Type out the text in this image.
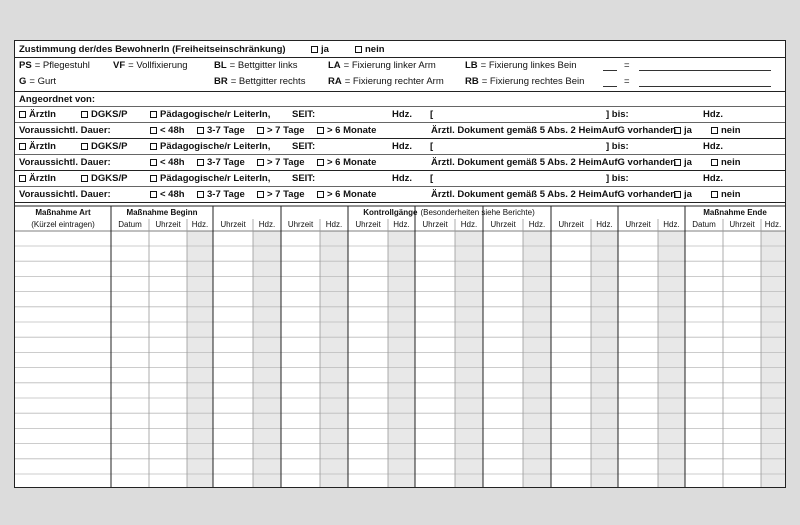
Zustimmung der/des BewohnerIn (Freiheitseinschränkung)	ja	nein
PS = Pflegestuhl VF = Vollfixierung	BL = Bettgitter links	LA = Fixierung linker Arm	LB = Fixierung linkes Bein	=
G = Gurt	BR = Bettgitter rechts RA = Fixierung rechter Arm RB = Fixierung rechtes Bein	=
Angeordnet von:
ÄrztIn	DGKS/P	Pädagogische/r LeiterIn, SEIT:	Hdz. [	] bis:	Hdz.
Voraussichtl. Dauer:	< 48h	3-7 Tage	> 7 Tage	> 6 Monate	Ärztl. Dokument gemäß 5 Abs. 2 HeimAufG vorhanden ja	nein
ÄrztIn	DGKS/P	Pädagogische/r LeiterIn, SEIT:	Hdz. [	] bis:	Hdz.
Voraussichtl. Dauer:	< 48h	3-7 Tage	> 7 Tage	> 6 Monate	Ärztl. Dokument gemäß 5 Abs. 2 HeimAufG vorhanden ja	nein
ÄrztIn	DGKS/P	Pädagogische/r LeiterIn, SEIT:	Hdz. [	] bis:	Hdz.
Voraussichtl. Dauer:	< 48h	3-7 Tage	> 7 Tage	> 6 Monate	Ärztl. Dokument gemäß 5 Abs. 2 HeimAufG vorhanden ja	nein
Maßnahme Art
(Kürzel eintragen)
Maßnahme Beginn
Datum	Uhrzeit	Hdz.
Kontrollgänge (Besonderheiten siehe Berichte)
Uhrzeit	Hdz.	Uhrzeit	Hdz.	Uhrzeit	Hdz.	Uhrzeit	Hdz.	Uhrzeit	Hdz.	Uhrzeit	Hdz.	Uhrzeit	Hdz.
Maßnahme Ende
Datum	Uhrzeit	Hdz.
